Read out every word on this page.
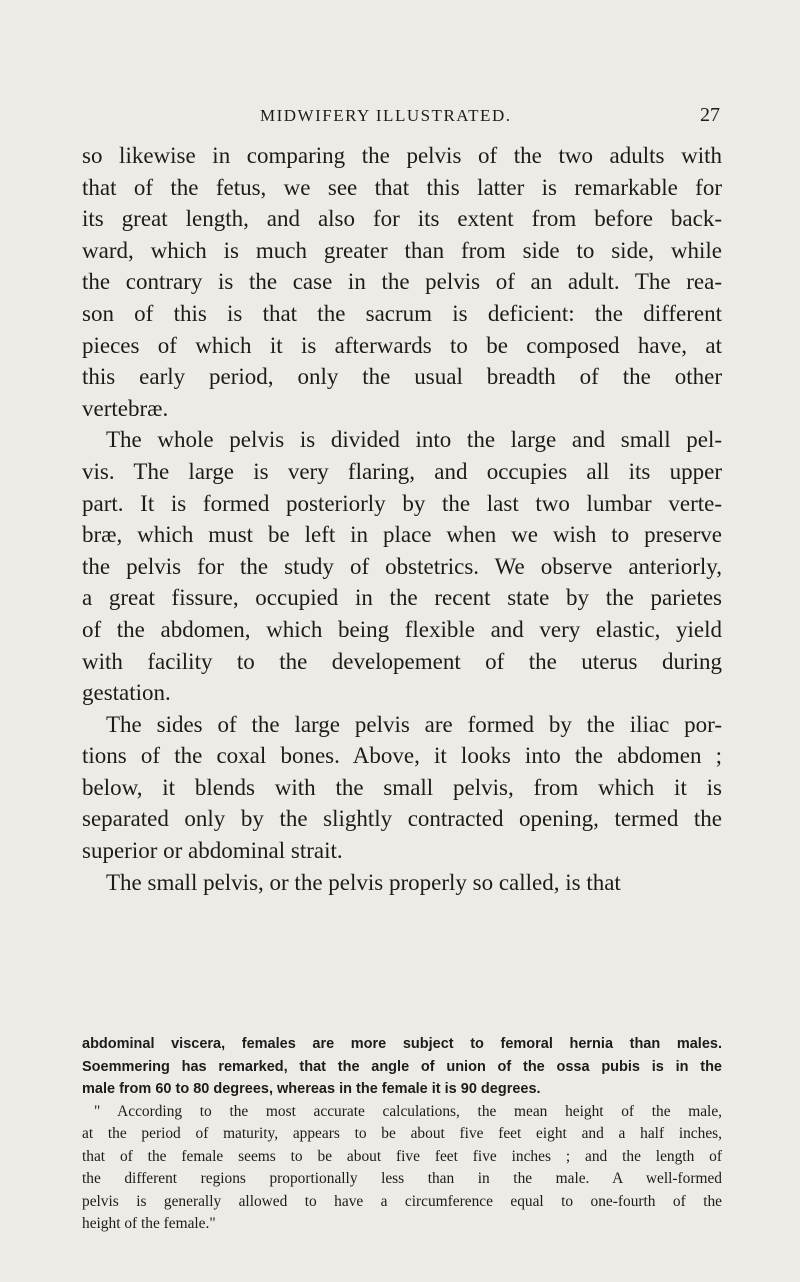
MIDWIFERY ILLUSTRATED.	27
so likewise in comparing the pelvis of the two adults with
that of the fetus, we see that this latter is remarkable for
its great length, and also for its extent from before back-
ward, which is much greater than from side to side, while
the contrary is the case in the pelvis of an adult. The rea-
son of this is that the sacrum is deficient: the different
pieces of which it is afterwards to be composed have, at
this early period, only the usual breadth of the other
vertebræ.
The whole pelvis is divided into the large and small pel-
vis. The large is very flaring, and occupies all its upper
part. It is formed posteriorly by the last two lumbar verte-
bræ, which must be left in place when we wish to preserve
the pelvis for the study of obstetrics. We observe anteriorly,
a great fissure, occupied in the recent state by the parietes
of the abdomen, which being flexible and very elastic, yield
with facility to the developement of the uterus during
gestation.
The sides of the large pelvis are formed by the iliac por-
tions of the coxal bones. Above, it looks into the abdomen ;
below, it blends with the small pelvis, from which it is
separated only by the slightly contracted opening, termed the
superior or abdominal strait.
The small pelvis, or the pelvis properly so called, is that
abdominal viscera, females are more subject to femoral hernia than males.
Soemmering has remarked, that the angle of union of the ossa pubis is in the
male from 60 to 80 degrees, whereas in the female it is 90 degrees.
" According to the most accurate calculations, the mean height of the male,
at the period of maturity, appears to be about five feet eight and a half inches,
that of the female seems to be about five feet five inches ; and the length of
the different regions proportionally less than in the male. A well-formed
pelvis is generally allowed to have a circumference equal to one-fourth of the
height of the female."
